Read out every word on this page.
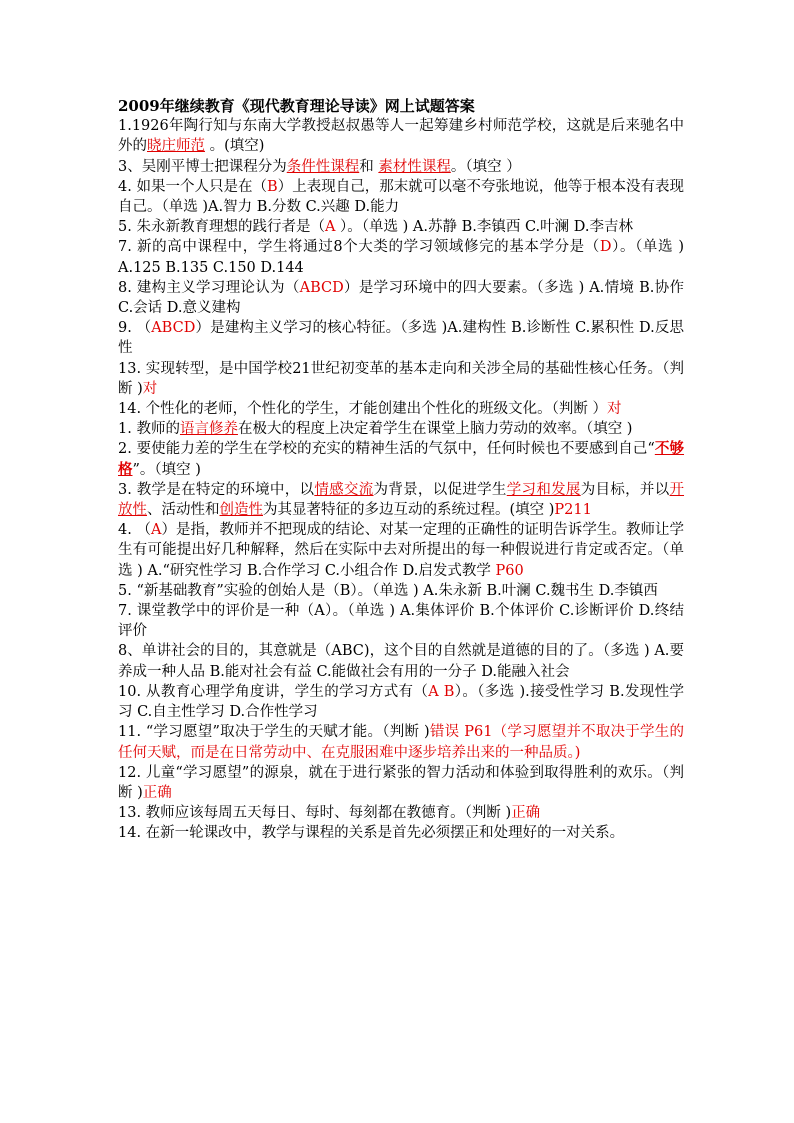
2009年继续教育《现代教育理论导读》网上试题答案

1.1926年陶行知与东南大学教授赵叔愚等人一起筹建乡村师范学校，这就是后来驰名中外的晓庄师范 。(填空)

3、吴刚平博士把课程分为条件性课程和 素材性课程。（填空 ）

4. 如果一个人只是在（B）上表现自己，那末就可以毫不夸张地说，他等于根本没有表现自己。（单选 )A.智力 B.分数 C.兴趣 D.能力

5. 朱永新教育理想的践行者是（A ）。（单选 ) A.苏静 B.李镇西 C.叶澜 D.李吉林

7. 新的高中课程中，学生将通过8个大类的学习领域修完的基本学分是（D）。（单选 ) A.125 B.135 C.150 D.144

8. 建构主义学习理论认为（ABCD）是学习环境中的四大要素。（多选 ) A.情境 B.协作 C.会话 D.意义建构

9. （ABCD）是建构主义学习的核心特征。（多选 )A.建构性 B.诊断性 C.累积性 D.反思性

13. 实现转型，是中国学校21世纪初变革的基本走向和关涉全局的基础性核心任务。（判断 )对

14. 个性化的老师，个性化的学生，才能创建出个性化的班级文化。（判断 ）对

1. 教师的语言修养在极大的程度上决定着学生在课堂上脑力劳动的效率。（填空 )

2. 要使能力差的学生在学校的充实的精神生活的气氛中，任何时候也不要感到自己“不够格”。（填空 )

3. 教学是在特定的环境中，以情感交流为背景，以促进学生学习和发展为目标，并以开放性、活动性和创造性为其显著特征的多边互动的系统过程。(填空 )P211

4. （A）是指，教师并不把现成的结论、对某一定理的正确性的证明告诉学生。教师让学生有可能提出好几种解释，然后在实际中去对所提出的每一种假说进行肯定或否定。（单选 ) A.“研究性学习 B.合作学习 C.小组合作 D.启发式教学 P60

5. “新基础教育”实验的创始人是（B）。（单选 ) A.朱永新 B.叶澜 C.魏书生 D.李镇西

7. 课堂教学中的评价是一种（A）。（单选 ) A.集体评价 B.个体评价 C.诊断评价 D.终结评价

8、单讲社会的目的，其意就是（ABC)，这个目的自然就是道德的目的了。（多选 ) A.要养成一种人品 B.能对社会有益 C.能做社会有用的一分子 D.能融入社会

10. 从教育心理学角度讲，学生的学习方式有（A B）。（多选 ).接受性学习 B.发现性学习 C.自主性学习 D.合作性学习

11. “学习愿望”取决于学生的天赋才能。（判断 )错误 P61（学习愿望并不取决于学生的任何天赋，而是在日常劳动中、在克服困难中逐步培养出来的一种品质。)

12. 儿童“学习愿望”的源泉，就在于进行紧张的智力活动和体验到取得胜利的欢乐。（判断 )正确

13. 教师应该每周五天每日、每时、每刻都在教德育。（判断 )正确

14. 在新一轮课改中，教学与课程的关系是首先必须摆正和处理好的一对关系。
